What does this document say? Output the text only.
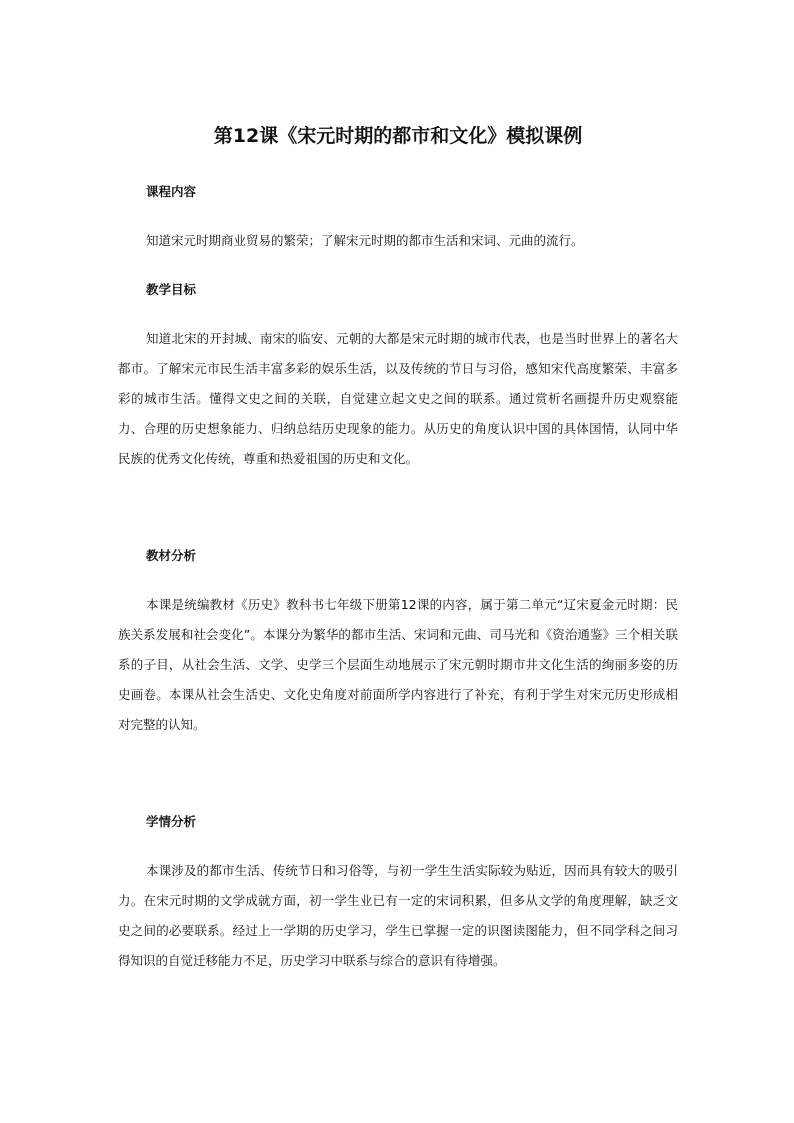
第12课《宋元时期的都市和文化》模拟课例
课程内容

知道宋元时期商业贸易的繁荣；了解宋元时期的都市生活和宋词、元曲的流行。

教学目标

知道北宋的开封城、南宋的临安、元朝的大都是宋元时期的城市代表，也是当时世界上的著名大都市。了解宋元市民生活丰富多彩的娱乐生活，以及传统的节日与习俗，感知宋代高度繁荣、丰富多彩的城市生活。懂得文史之间的关联，自觉建立起文史之间的联系。通过赏析名画提升历史观察能力、合理的历史想象能力、归纳总结历史现象的能力。从历史的角度认识中国的具体国情，认同中华民族的优秀文化传统，尊重和热爱祖国的历史和文化。

教材分析

本课是统编教材《历史》教科书七年级下册第12课的内容，属于第二单元“辽宋夏金元时期：民族关系发展和社会变化”。本课分为繁华的都市生活、宋词和元曲、司马光和《资治通鉴》三个相关联系的子目，从社会生活、文学、史学三个层面生动地展示了宋元朝时期市井文化生活的绚丽多姿的历史画卷。本课从社会生活史、文化史角度对前面所学内容进行了补充，有利于学生对宋元历史形成相对完整的认知。

学情分析

本课涉及的都市生活、传统节日和习俗等，与初一学生生活实际较为贴近，因而具有较大的吸引力。在宋元时期的文学成就方面，初一学生业已有一定的宋词积累，但多从文学的角度理解，缺乏文史之间的必要联系。经过上一学期的历史学习，学生已掌握一定的识图读图能力，但不同学科之间习得知识的自觉迁移能力不足，历史学习中联系与综合的意识有待增强。
